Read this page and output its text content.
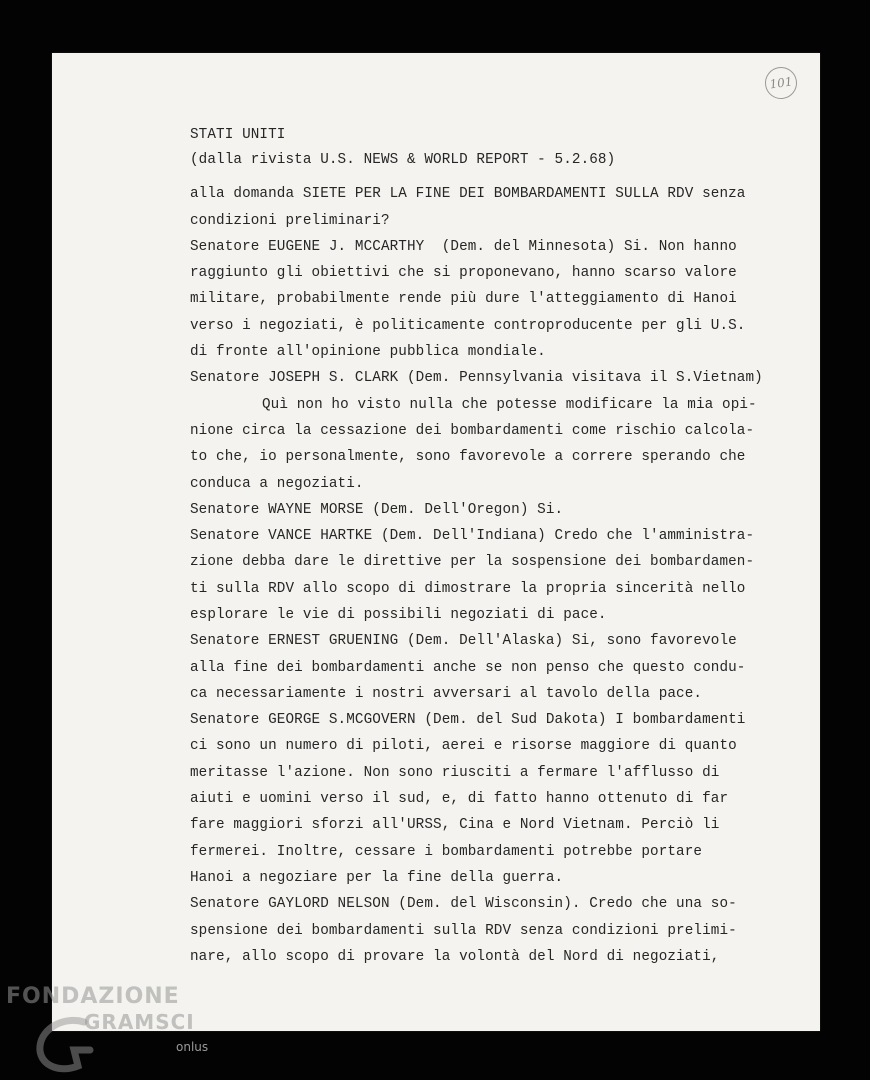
101

STATI UNITI

(dalla rivista U.S. NEWS & WORLD REPORT - 5.2.68)

alla domanda SIETE PER LA FINE DEI BOMBARDAMENTI SULLA RDV senza

condizioni preliminari?

Senatore EUGENE J. MCCARTHY  (Dem. del Minnesota) Si. Non hanno

raggiunto gli obiettivi che si proponevano, hanno scarso valore

militare, probabilmente rende più dure l'atteggiamento di Hanoi

verso i negoziati, è politicamente controproducente per gli U.S.

di fronte all'opinione pubblica mondiale.

Senatore JOSEPH S. CLARK (Dem. Pennsylvania visitava il S.Vietnam)

Quì non ho visto nulla che potesse modificare la mia opi-

nione circa la cessazione dei bombardamenti come rischio calcola-

to che, io personalmente, sono favorevole a correre sperando che

conduca a negoziati.

Senatore WAYNE MORSE (Dem. Dell'Oregon) Si.

Senatore VANCE HARTKE (Dem. Dell'Indiana) Credo che l'amministra-

zione debba dare le direttive per la sospensione dei bombardamen-

ti sulla RDV allo scopo di dimostrare la propria sincerità nello

esplorare le vie di possibili negoziati di pace.

Senatore ERNEST GRUENING (Dem. Dell'Alaska) Si, sono favorevole

alla fine dei bombardamenti anche se non penso che questo condu-

ca necessariamente i nostri avversari al tavolo della pace.

Senatore GEORGE S.MCGOVERN (Dem. del Sud Dakota) I bombardamenti

ci sono un numero di piloti, aerei e risorse maggiore di quanto

meritasse l'azione. Non sono riusciti a fermare l'afflusso di

aiuti e uomini verso il sud, e, di fatto hanno ottenuto di far

fare maggiori sforzi all'URSS, Cina e Nord Vietnam. Perciò li

fermerei. Inoltre, cessare i bombardamenti potrebbe portare

Hanoi a negoziare per la fine della guerra.

Senatore GAYLORD NELSON (Dem. del Wisconsin). Credo che una so-

spensione dei bombardamenti sulla RDV senza condizioni prelimi-

nare, allo scopo di provare la volontà del Nord di negoziati,

FONDAZIONE
GRAMSCI
onlus
